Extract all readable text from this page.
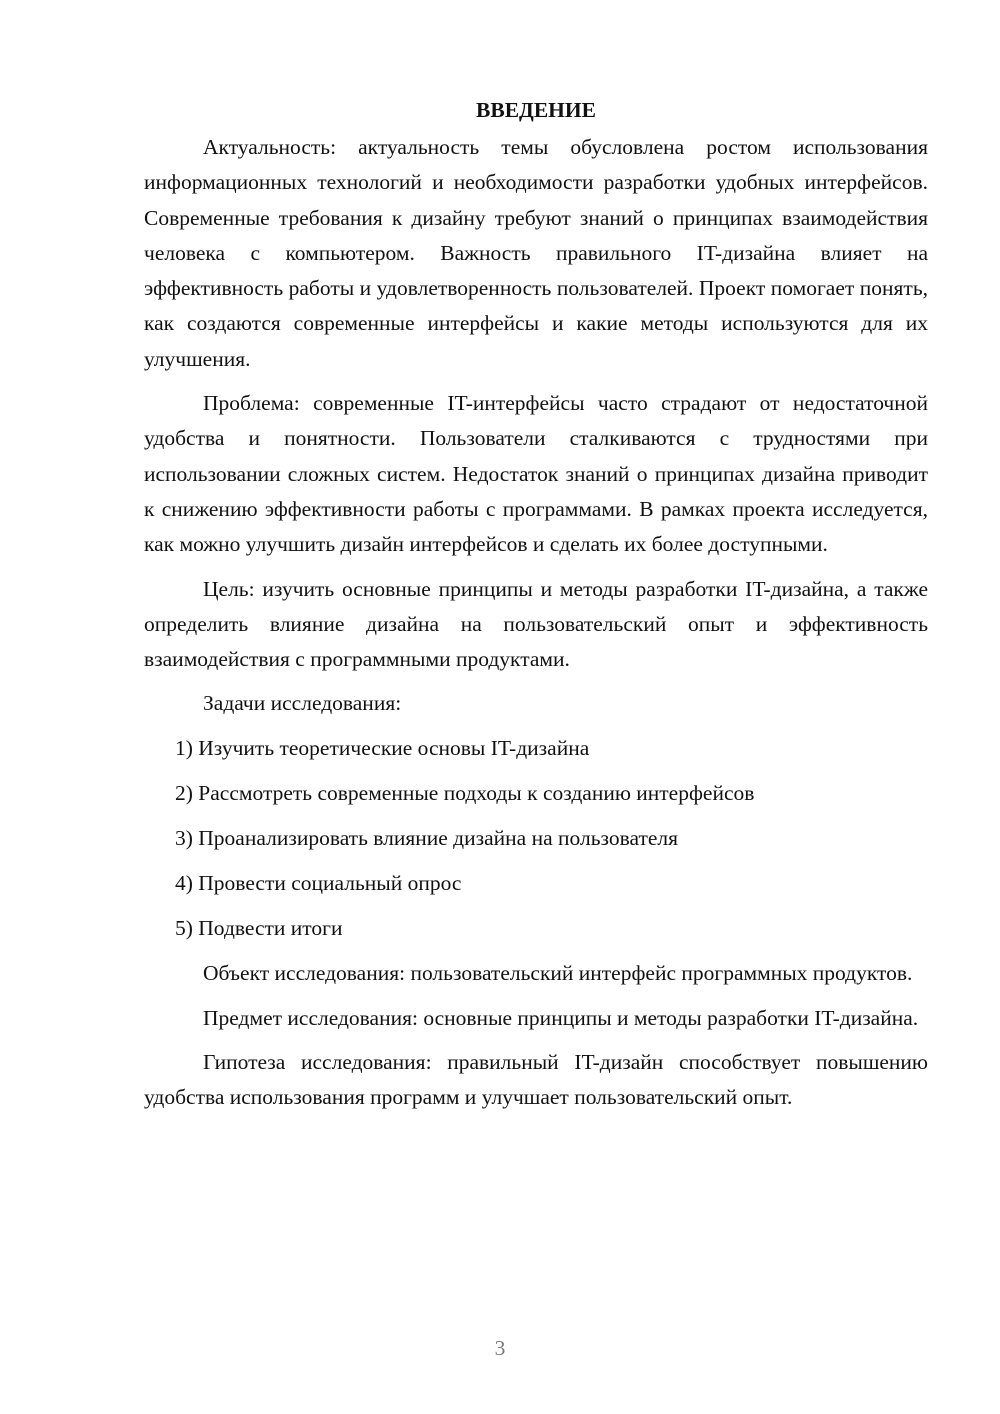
ВВЕДЕНИЕ

Актуальность: актуальность темы обусловлена ростом использования информационных технологий и необходимости разработки удобных интерфейсов. Современные требования к дизайну требуют знаний о принципах взаимодействия человека с компьютером. Важность правильного IT-дизайна влияет на эффективность работы и удовлетворенность пользователей. Проект помогает понять, как создаются современные интерфейсы и какие методы используются для их улучшения.

Проблема: современные IT-интерфейсы часто страдают от недостаточной удобства и понятности. Пользователи сталкиваются с трудностями при использовании сложных систем. Недостаток знаний о принципах дизайна приводит к снижению эффективности работы с программами. В рамках проекта исследуется, как можно улучшить дизайн интерфейсов и сделать их более доступными.

Цель: изучить основные принципы и методы разработки IT-дизайна, а также определить влияние дизайна на пользовательский опыт и эффективность взаимодействия с программными продуктами.

Задачи исследования:
1) Изучить теоретические основы IT-дизайна
2) Рассмотреть современные подходы к созданию интерфейсов
3) Проанализировать влияние дизайна на пользователя
4) Провести социальный опрос
5) Подвести итоги

Объект исследования: пользовательский интерфейс программных продуктов.

Предмет исследования: основные принципы и методы разработки IT-дизайна.

Гипотеза исследования: правильный IT-дизайн способствует повышению удобства использования программ и улучшает пользовательский опыт.

3
